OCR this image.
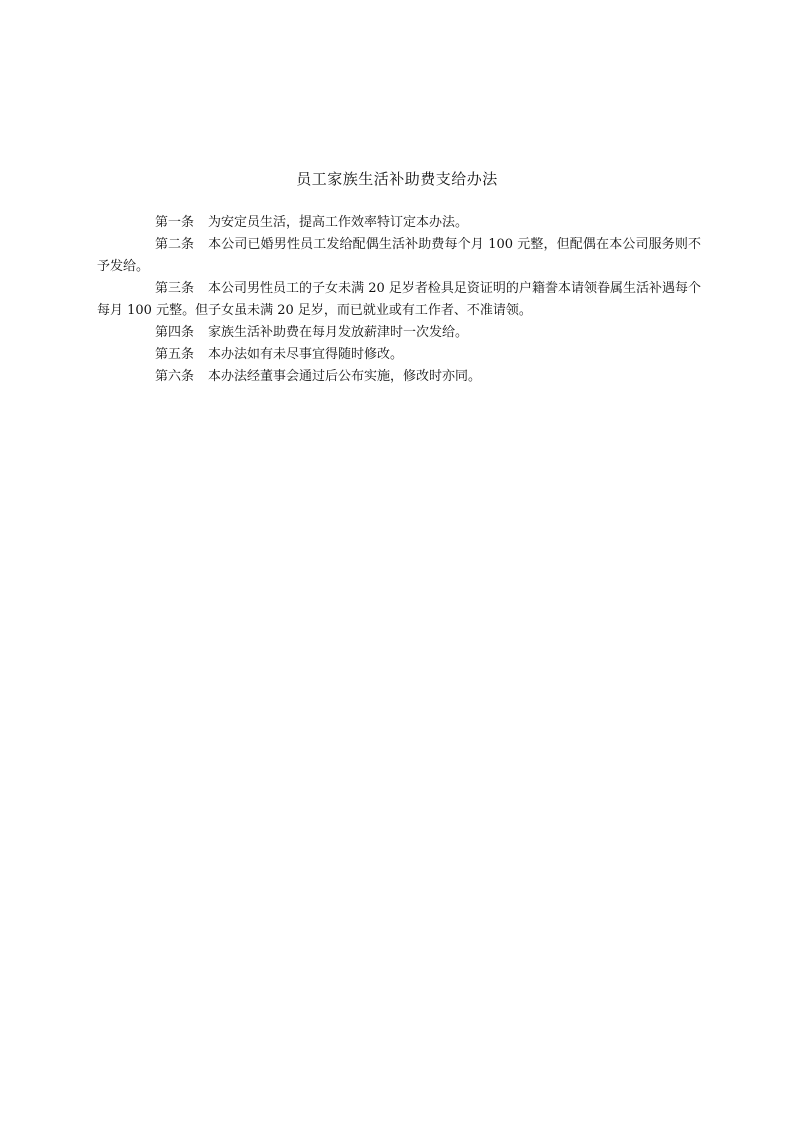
员工家族生活补助费支给办法

第一条 为安定员生活，提高工作效率特订定本办法。

第二条 本公司已婚男性员工发给配偶生活补助费每个月 100 元整，但配偶在本公司服务则不予发给。

第三条 本公司男性员工的子女未满 20 足岁者检具足资证明的户籍誊本请领眷属生活补遇每个每月 100 元整。但子女虽未满 20 足岁，而已就业或有工作者、不准请领。

第四条 家族生活补助费在每月发放薪津时一次发给。

第五条 本办法如有未尽事宜得随时修改。

第六条 本办法经董事会通过后公布实施，修改时亦同。
